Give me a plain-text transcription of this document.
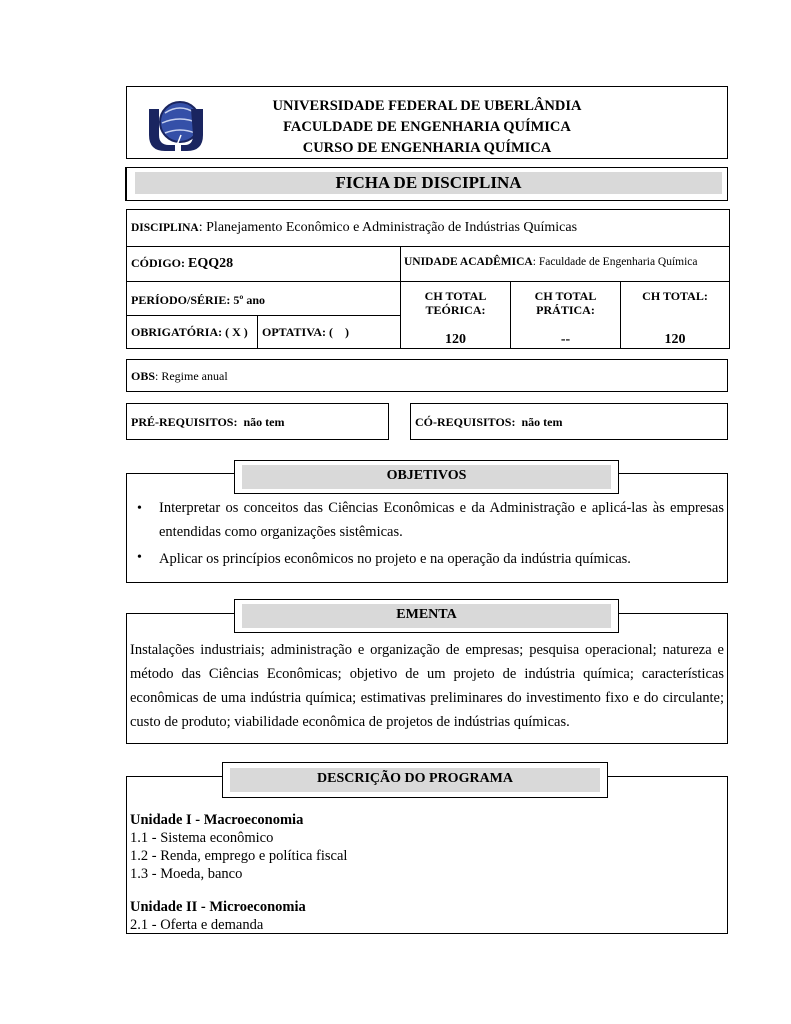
UNIVERSIDADE FEDERAL DE UBERLÂNDIA
FACULDADE DE ENGENHARIA QUÍMICA
CURSO DE ENGENHARIA QUÍMICA
FICHA DE DISCIPLINA
DISCIPLINA: Planejamento Econômico e Administração de Indústrias Químicas
CÓDIGO: EQQ28	UNIDADE ACADÊMICA: Faculdade de Engenharia Química
PERÍODO/SÉRIE: 5º ano
OBRIGATÓRIA: ( X ) OPTATIVA: (    )
CH TOTAL
TEÓRICA:
120
CH TOTAL
PRÁTICA:
--
CH TOTAL:
120
OBS: Regime anual
PRÉ-REQUISITOS:  não tem	CÓ-REQUISITOS:  não tem
• Interpretar os conceitos das Ciências Econômicas e da Administração e aplicá-las às empresas entendidas como organizações sistêmicas.
• Aplicar os princípios econômicos no projeto e na operação da indústria químicas.
OBJETIVOS
Instalações industriais; administração e organização de empresas; pesquisa operacional; natureza e método das Ciências Econômicas; objetivo de um projeto de indústria química; características econômicas de uma indústria química; estimativas preliminares do investimento fixo e do circulante; custo de produto; viabilidade econômica de projetos de indústrias químicas.
EMENTA
Unidade I - Macroeconomia
1.1 - Sistema econômico
1.2 - Renda, emprego e política fiscal
1.3 - Moeda, banco
Unidade II - Microeconomia
2.1 - Oferta e demanda
DESCRIÇÃO DO PROGRAMA
